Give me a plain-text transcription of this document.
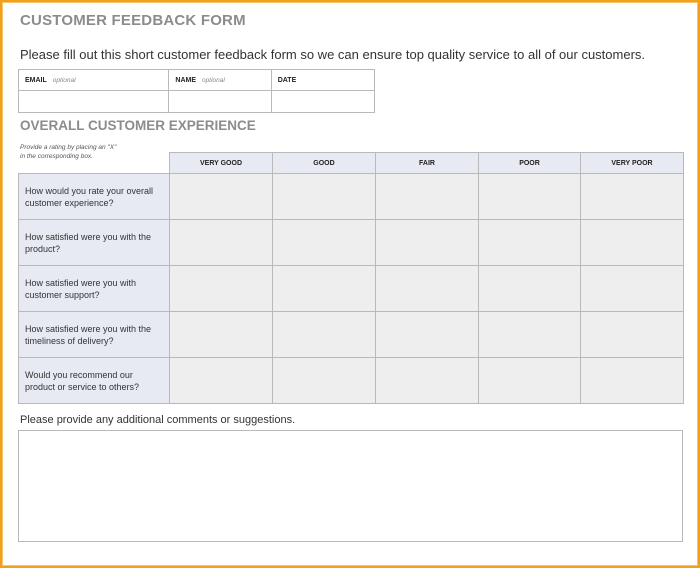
CUSTOMER FEEDBACK FORM
Please fill out this short customer feedback form so we can ensure top quality service to all of our customers.
EMAIL optional	NAME optional	DATE

OVERALL CUSTOMER EXPERIENCE
Provide a rating by placing an "X"
in the corresponding box.
	VERY GOOD	GOOD	FAIR	POOR	VERY POOR

How would you rate your overall
customer experience?					

How satisfied were you with the
product?					

How satisfied were you with
customer support?					

How satisfied were you with the
timeliness of delivery?					

Would you recommend our
product or service to others?					

Please provide any additional comments or suggestions.
